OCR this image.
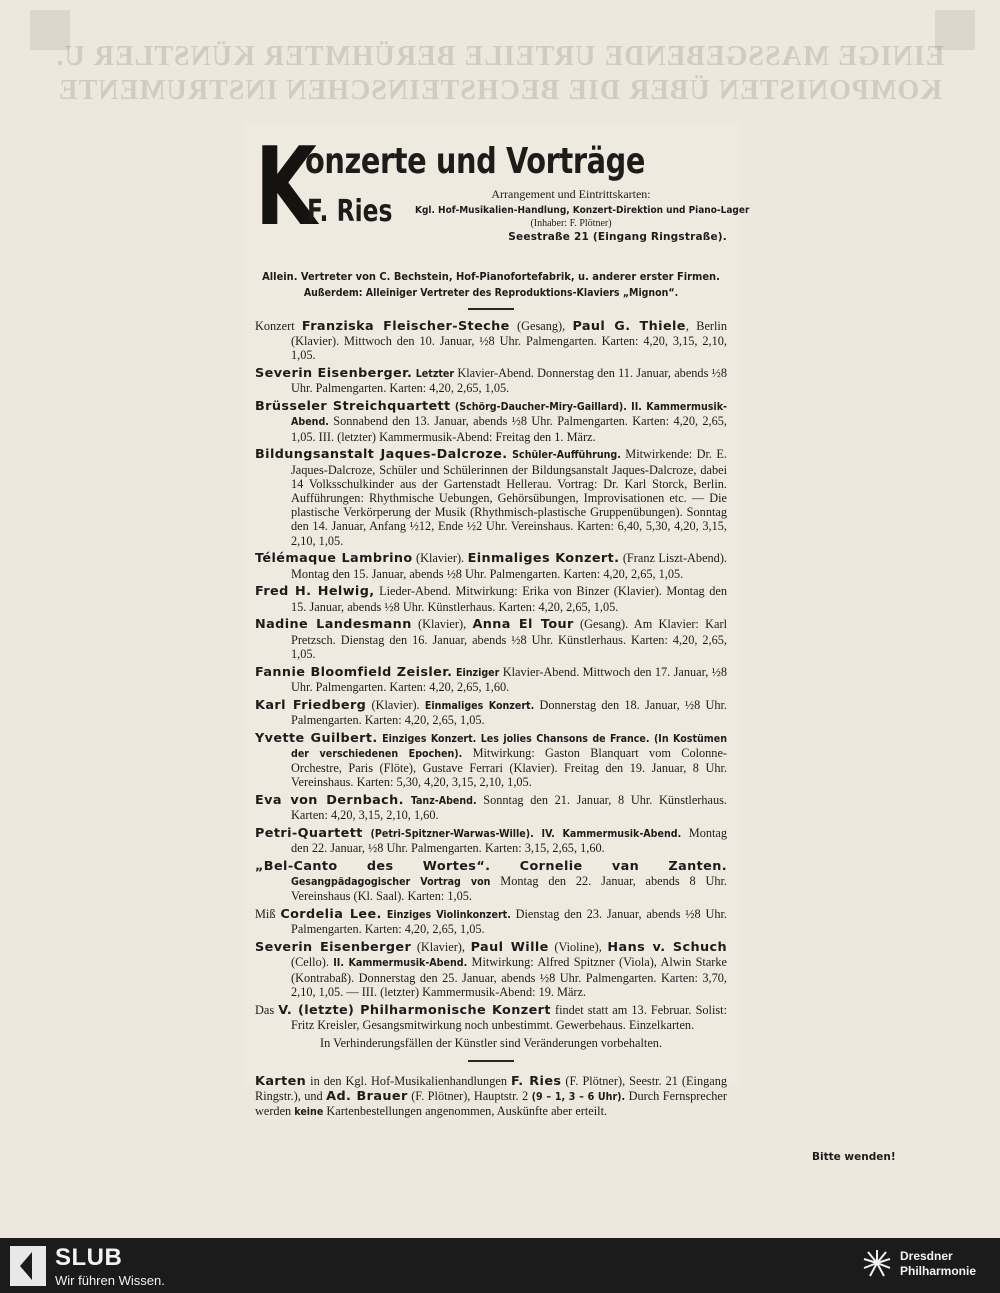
EINIGE MASSGEBENDE URTEILE BERÜHMTER KÜNSTLER U. KOMPONISTEN ÜBER DIE BECHSTEINSCHEN INSTRUMENTE
K
onzerte und Vorträge
F. Ries	Arrangement und Eintrittskarten:
Kgl. Hof-Musikalien-Handlung, Konzert-Direktion und Piano-Lager
(Inhaber: F. Plötner)
Seestraße 21 (Eingang Ringstraße).
Allein. Vertreter von C. Bechstein, Hof-Pianofortefabrik, u. anderer erster Firmen.
Außerdem: Alleiniger Vertreter des Reproduktions-Klaviers „Mignon“.
Konzert Franziska Fleischer-Steche (Gesang), Paul G. Thiele, Berlin (Klavier). Mittwoch den 10. Januar, ½8 Uhr. Palmengarten. Karten: 4,20, 3,15, 2,10, 1,05.
Severin Eisenberger. Letzter Klavier-Abend. Donnerstag den 11. Januar, abends ½8 Uhr. Palmengarten. Karten: 4,20, 2,65, 1,05.
Brüsseler Streichquartett (Schörg-Daucher-Miry-Gaillard). II. Kammermusik-Abend. Sonnabend den 13. Januar, abends ½8 Uhr. Palmengarten. Karten: 4,20, 2,65, 1,05. III. (letzter) Kammermusik-Abend: Freitag den 1. März.
Bildungsanstalt Jaques-Dalcroze. Schüler-Aufführung. Mitwirkende: Dr. E. Jaques-Dalcroze, Schüler und Schülerinnen der Bildungsanstalt Jaques-Dalcroze, dabei 14 Volksschulkinder aus der Gartenstadt Hellerau. Vortrag: Dr. Karl Storck, Berlin. Aufführungen: Rhythmische Uebungen, Gehörsübungen, Improvisationen etc. — Die plastische Verkörperung der Musik (Rhythmisch-plastische Gruppenübungen). Sonntag den 14. Januar, Anfang ½12, Ende ½2 Uhr. Vereinshaus. Karten: 6,40, 5,30, 4,20, 3,15, 2,10, 1,05.
Télémaque Lambrino (Klavier). Einmaliges Konzert. (Franz Liszt-Abend). Montag den 15. Januar, abends ½8 Uhr. Palmengarten. Karten: 4,20, 2,65, 1,05.
Fred H. Helwig, Lieder-Abend. Mitwirkung: Erika von Binzer (Klavier). Montag den 15. Januar, abends ½8 Uhr. Künstlerhaus. Karten: 4,20, 2,65, 1,05.
Nadine Landesmann (Klavier), Anna El Tour (Gesang). Am Klavier: Karl Pretzsch. Dienstag den 16. Januar, abends ½8 Uhr. Künstlerhaus. Karten: 4,20, 2,65, 1,05.
Fannie Bloomfield Zeisler. Einziger Klavier-Abend. Mittwoch den 17. Januar, ½8 Uhr. Palmengarten. Karten: 4,20, 2,65, 1,60.
Karl Friedberg (Klavier). Einmaliges Konzert. Donnerstag den 18. Januar, ½8 Uhr. Palmengarten. Karten: 4,20, 2,65, 1,05.
Yvette Guilbert. Einziges Konzert. Les jolies Chansons de France. (In Kostümen der verschiedenen Epochen). Mitwirkung: Gaston Blanquart vom Colonne-Orchestre, Paris (Flöte), Gustave Ferrari (Klavier). Freitag den 19. Januar, 8 Uhr. Vereinshaus. Karten: 5,30, 4,20, 3,15, 2,10, 1,05.
Eva von Dernbach. Tanz-Abend. Sonntag den 21. Januar, 8 Uhr. Künstlerhaus. Karten: 4,20, 3,15, 2,10, 1,60.
Petri-Quartett (Petri-Spitzner-Warwas-Wille). IV. Kammermusik-Abend. Montag den 22. Januar, ½8 Uhr. Palmengarten. Karten: 3,15, 2,65, 1,60.
„Bel-Canto des Wortes“. Cornelie van Zanten. Gesangpädagogischer Vortrag von Montag den 22. Januar, abends 8 Uhr. Vereinshaus (Kl. Saal). Karten: 1,05.
Miß Cordelia Lee. Einziges Violinkonzert. Dienstag den 23. Januar, abends ½8 Uhr. Palmengarten. Karten: 4,20, 2,65, 1,05.
Severin Eisenberger (Klavier), Paul Wille (Violine), Hans v. Schuch (Cello). II. Kammermusik-Abend. Mitwirkung: Alfred Spitzner (Viola), Alwin Starke (Kontrabaß). Donnerstag den 25. Januar, abends ½8 Uhr. Palmengarten. Karten: 3,70, 2,10, 1,05. — III. (letzter) Kammermusik-Abend: 19. März.
Das V. (letzte) Philharmonische Konzert findet statt am 13. Februar. Solist: Fritz Kreisler, Gesangsmitwirkung noch unbestimmt. Gewerbehaus. Einzelkarten.
In Verhinderungsfällen der Künstler sind Veränderungen vorbehalten.
Karten in den Kgl. Hof-Musikalienhandlungen F. Ries (F. Plötner), Seestr. 21 (Eingang Ringstr.), und Ad. Brauer (F. Plötner), Hauptstr. 2 (9 – 1, 3 – 6 Uhr). Durch Fernsprecher werden keine Kartenbestellungen angenommen, Auskünfte aber erteilt.
Bitte wenden!
SLUB
Wir führen Wissen.
Dresdner
Philharmonie
